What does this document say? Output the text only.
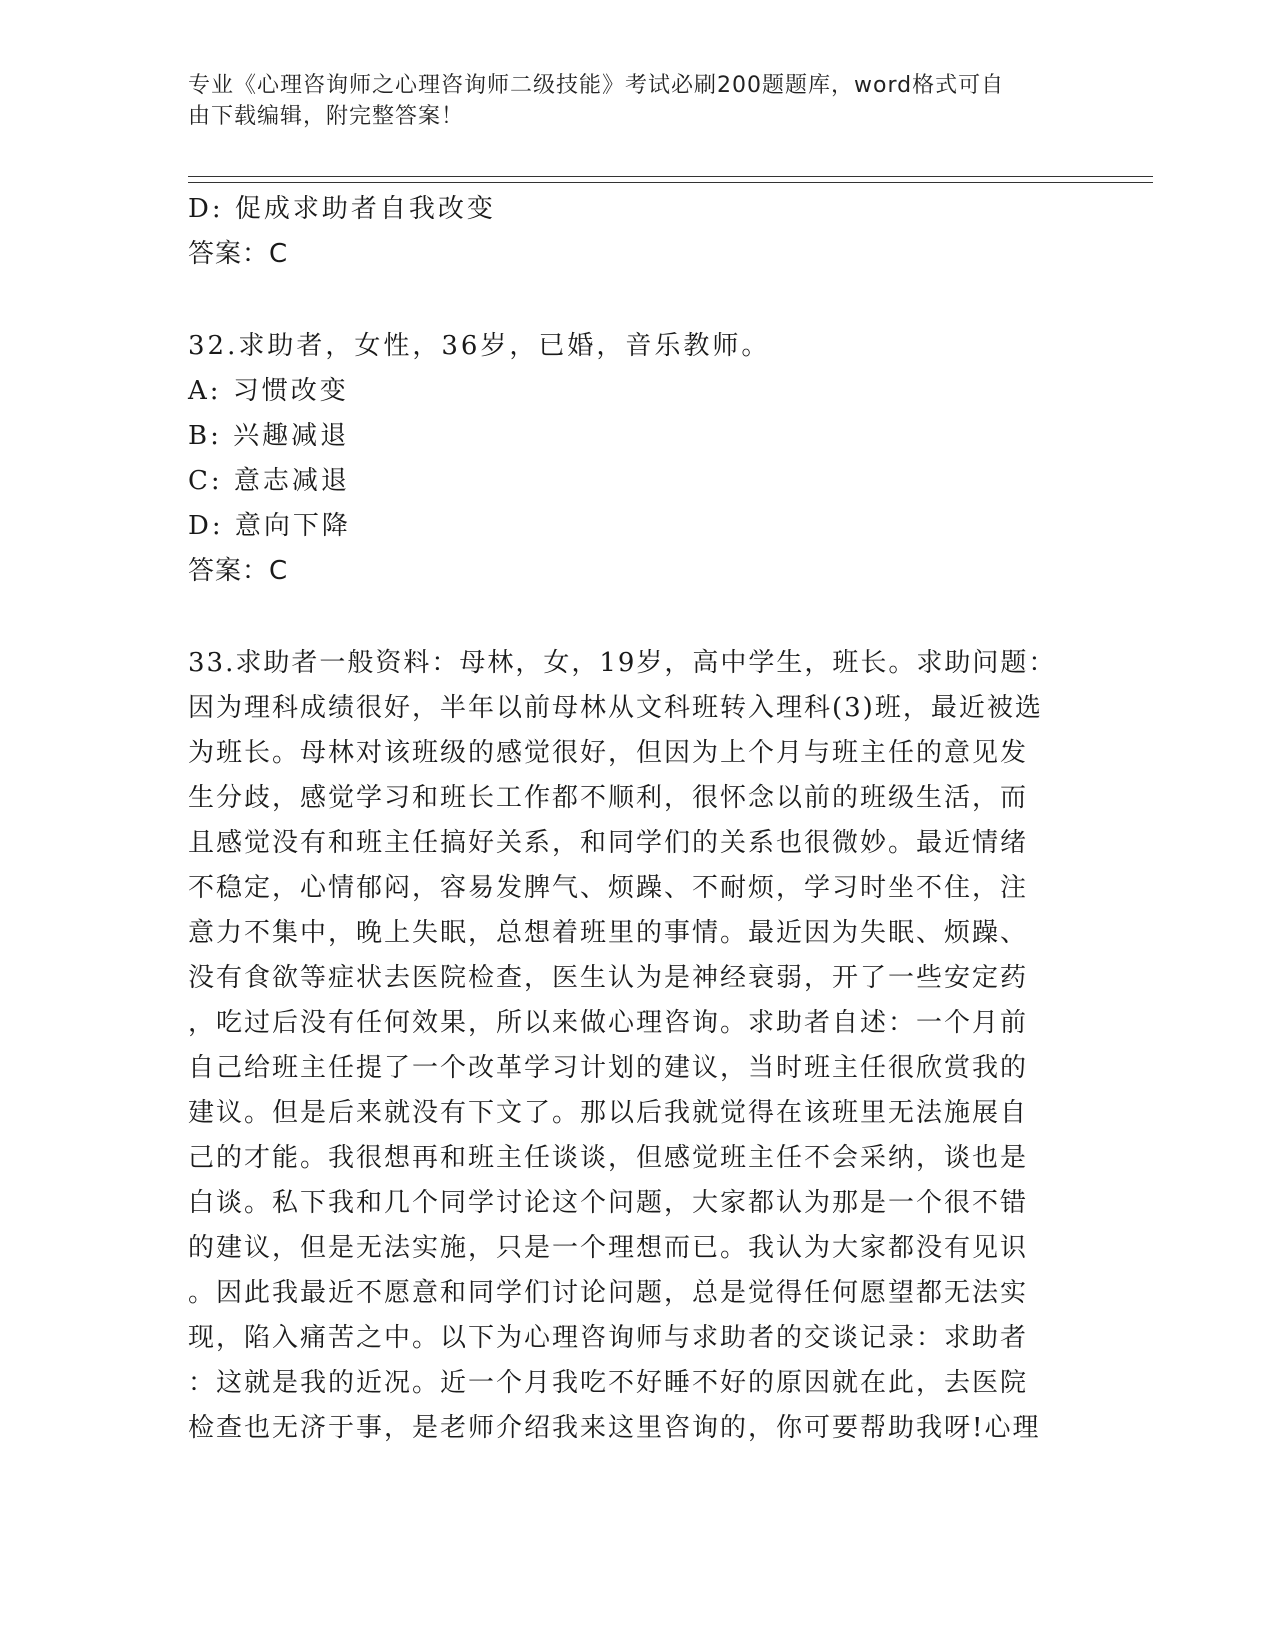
专业《心理咨询师之心理咨询师二级技能》考试必刷200题题库，word格式可自
由下载编辑，附完整答案！
D: 促成求助者自我改变
答案：C
32.求助者，女性，36岁，已婚，音乐教师。
A: 习惯改变
B: 兴趣减退
C: 意志减退
D: 意向下降
答案：C
33.求助者一般资料：母林，女，19岁，高中学生，班长。求助问题：
因为理科成绩很好，半年以前母林从文科班转入理科(3)班，最近被选
为班长。母林对该班级的感觉很好，但因为上个月与班主任的意见发
生分歧，感觉学习和班长工作都不顺利，很怀念以前的班级生活，而
且感觉没有和班主任搞好关系，和同学们的关系也很微妙。最近情绪
不稳定，心情郁闷，容易发脾气、烦躁、不耐烦，学习时坐不住，注
意力不集中，晚上失眠，总想着班里的事情。最近因为失眠、烦躁、
没有食欲等症状去医院检查，医生认为是神经衰弱，开了一些安定药
，吃过后没有任何效果，所以来做心理咨询。求助者自述：一个月前
自己给班主任提了一个改革学习计划的建议，当时班主任很欣赏我的
建议。但是后来就没有下文了。那以后我就觉得在该班里无法施展自
己的才能。我很想再和班主任谈谈，但感觉班主任不会采纳，谈也是
白谈。私下我和几个同学讨论这个问题，大家都认为那是一个很不错
的建议，但是无法实施，只是一个理想而已。我认为大家都没有见识
。因此我最近不愿意和同学们讨论问题，总是觉得任何愿望都无法实
现，陷入痛苦之中。以下为心理咨询师与求助者的交谈记录：求助者
：这就是我的近况。近一个月我吃不好睡不好的原因就在此，去医院
检查也无济于事，是老师介绍我来这里咨询的，你可要帮助我呀!心理
